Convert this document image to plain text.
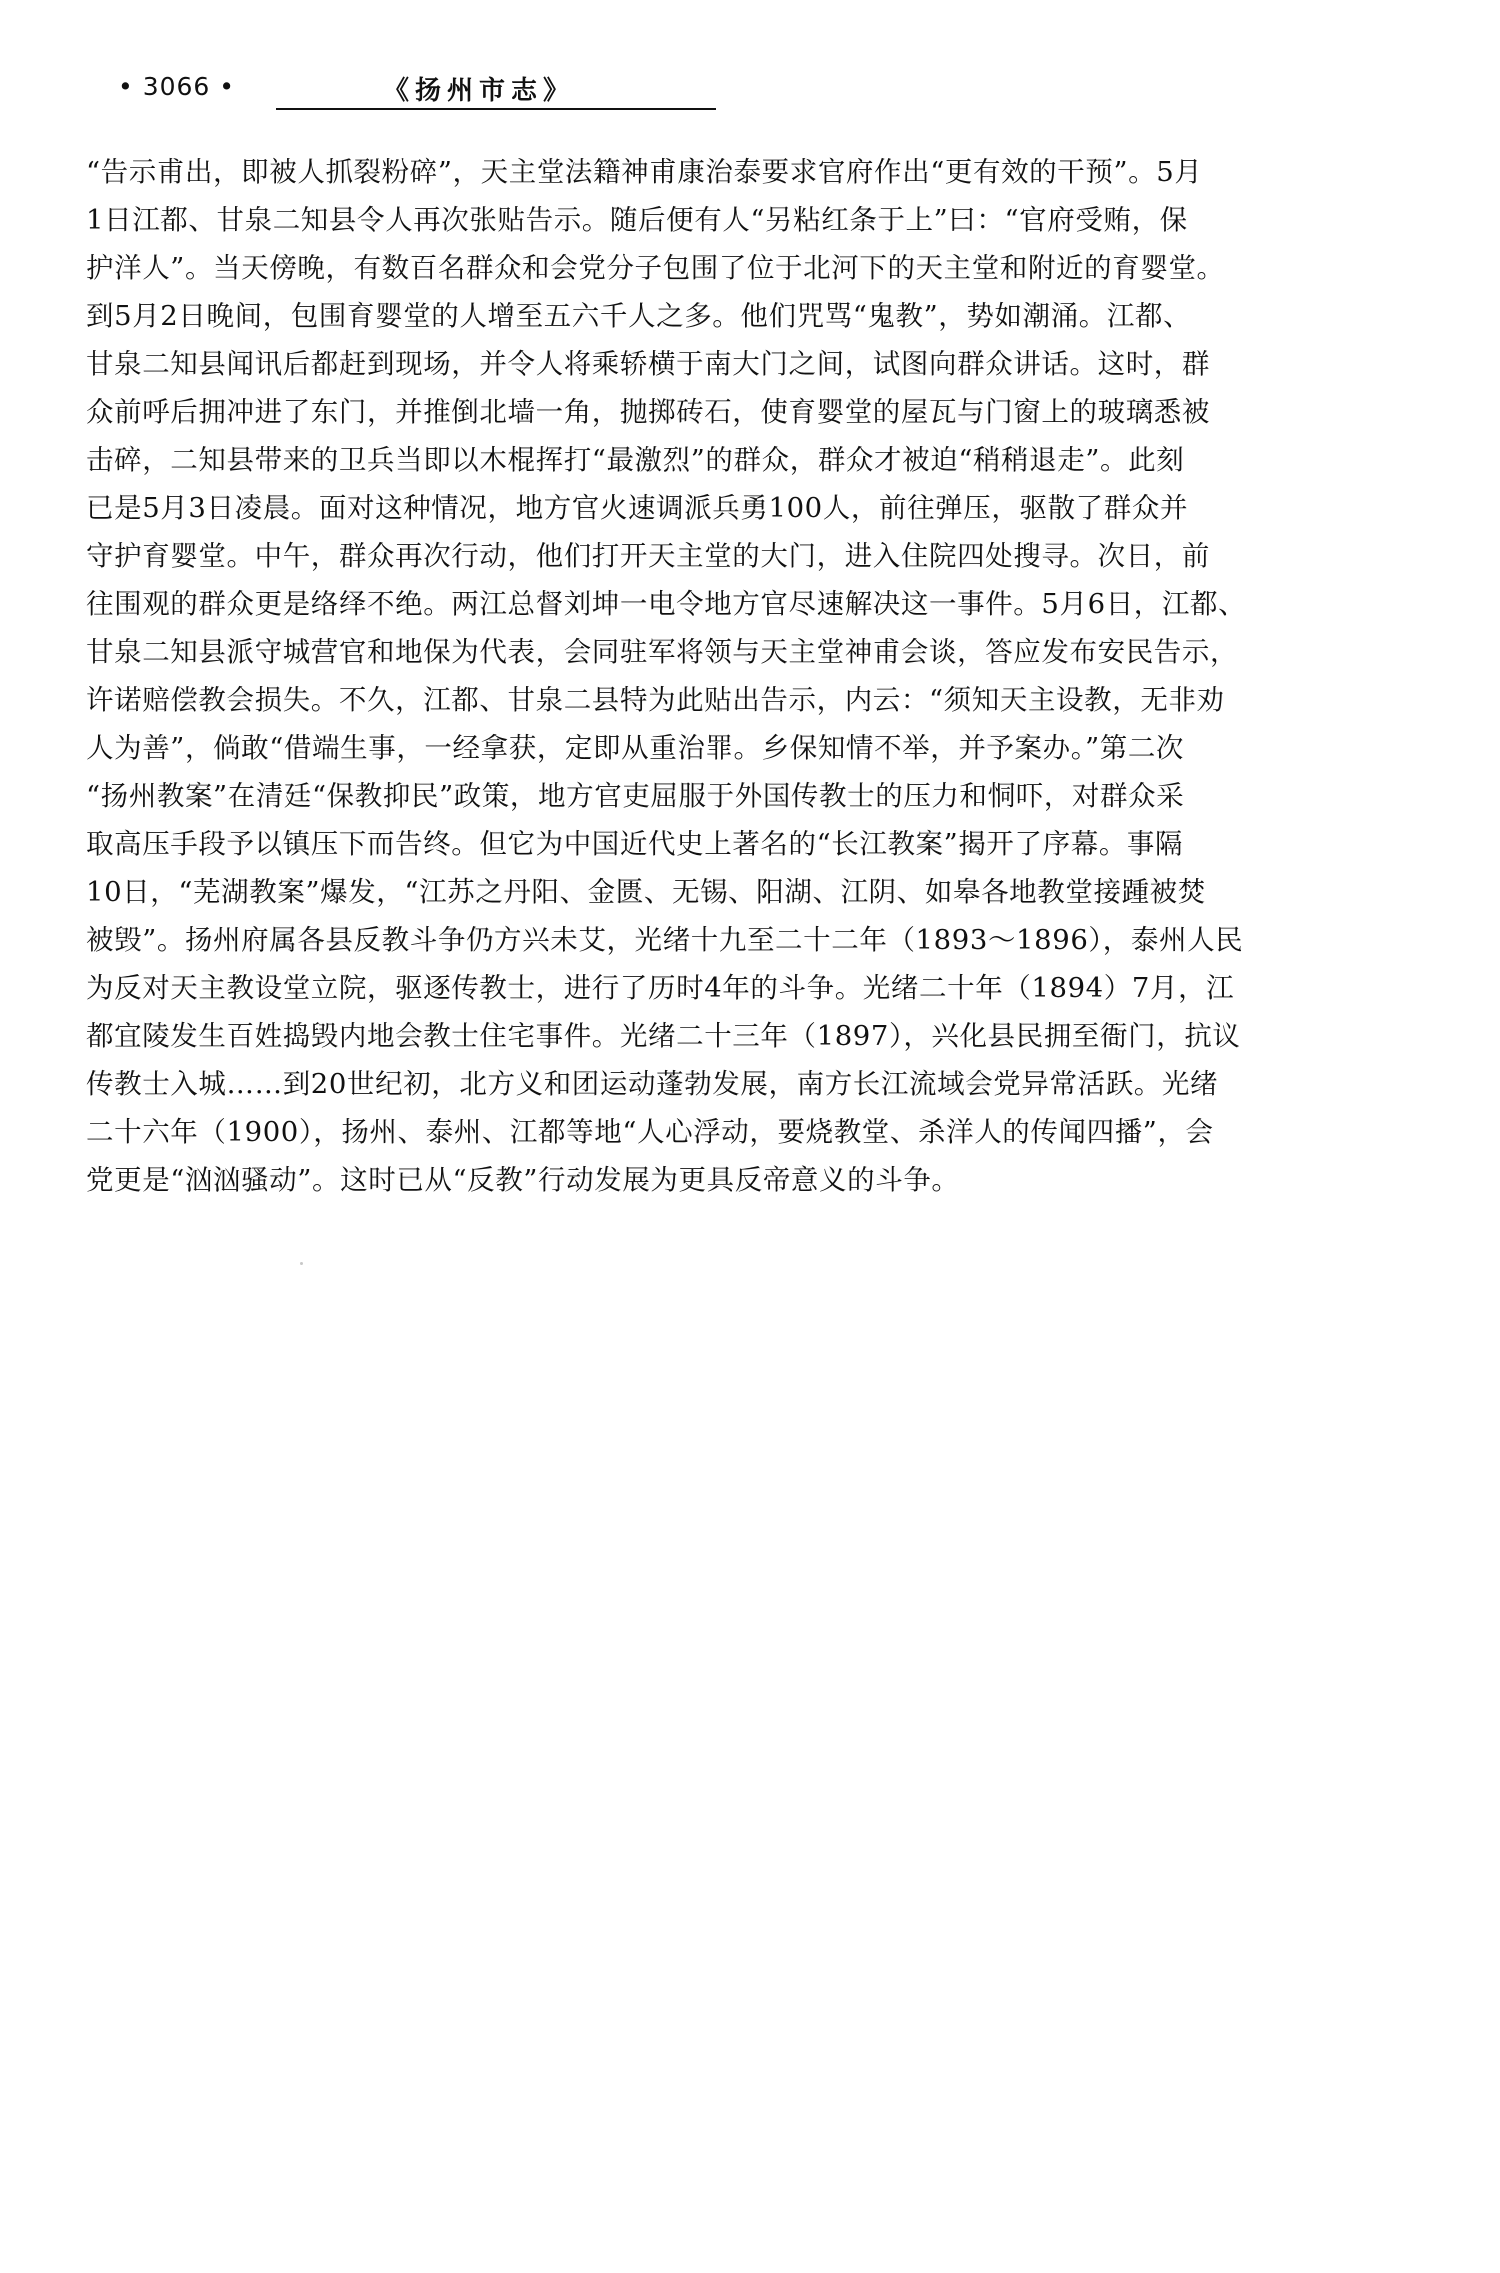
• 3066 •	《扬州市志》
“告示甫出，即被人抓裂粉碎”，天主堂法籍神甫康治泰要求官府作出“更有效的干预”。5月
1日江都、甘泉二知县令人再次张贴告示。随后便有人“另粘红条于上”曰：“官府受贿，保
护洋人”。当天傍晚，有数百名群众和会党分子包围了位于北河下的天主堂和附近的育婴堂。
到5月2日晚间，包围育婴堂的人增至五六千人之多。他们咒骂“鬼教”，势如潮涌。江都、
甘泉二知县闻讯后都赶到现场，并令人将乘轿横于南大门之间，试图向群众讲话。这时，群
众前呼后拥冲进了东门，并推倒北墙一角，抛掷砖石，使育婴堂的屋瓦与门窗上的玻璃悉被
击碎，二知县带来的卫兵当即以木棍挥打“最激烈”的群众，群众才被迫“稍稍退走”。此刻
已是5月3日凌晨。面对这种情况，地方官火速调派兵勇100人，前往弹压，驱散了群众并
守护育婴堂。中午，群众再次行动，他们打开天主堂的大门，进入住院四处搜寻。次日，前
往围观的群众更是络绎不绝。两江总督刘坤一电令地方官尽速解决这一事件。5月6日，江都、
甘泉二知县派守城营官和地保为代表，会同驻军将领与天主堂神甫会谈，答应发布安民告示，
许诺赔偿教会损失。不久，江都、甘泉二县特为此贴出告示，内云：“须知天主设教，无非劝
人为善”，倘敢“借端生事，一经拿获，定即从重治罪。乡保知情不举，并予案办。”第二次
“扬州教案”在清廷“保教抑民”政策，地方官吏屈服于外国传教士的压力和恫吓，对群众采
取高压手段予以镇压下而告终。但它为中国近代史上著名的“长江教案”揭开了序幕。事隔
10日，“芜湖教案”爆发，“江苏之丹阳、金匮、无锡、阳湖、江阴、如皋各地教堂接踵被焚
被毁”。扬州府属各县反教斗争仍方兴未艾，光绪十九至二十二年（1893～1896），泰州人民
为反对天主教设堂立院，驱逐传教士，进行了历时4年的斗争。光绪二十年（1894）7月，江
都宜陵发生百姓捣毁内地会教士住宅事件。光绪二十三年（1897），兴化县民拥至衙门，抗议
传教士入城……到20世纪初，北方义和团运动蓬勃发展，南方长江流域会党异常活跃。光绪
二十六年（1900），扬州、泰州、江都等地“人心浮动，要烧教堂、杀洋人的传闻四播”，会
党更是“汹汹骚动”。这时已从“反教”行动发展为更具反帝意义的斗争。
